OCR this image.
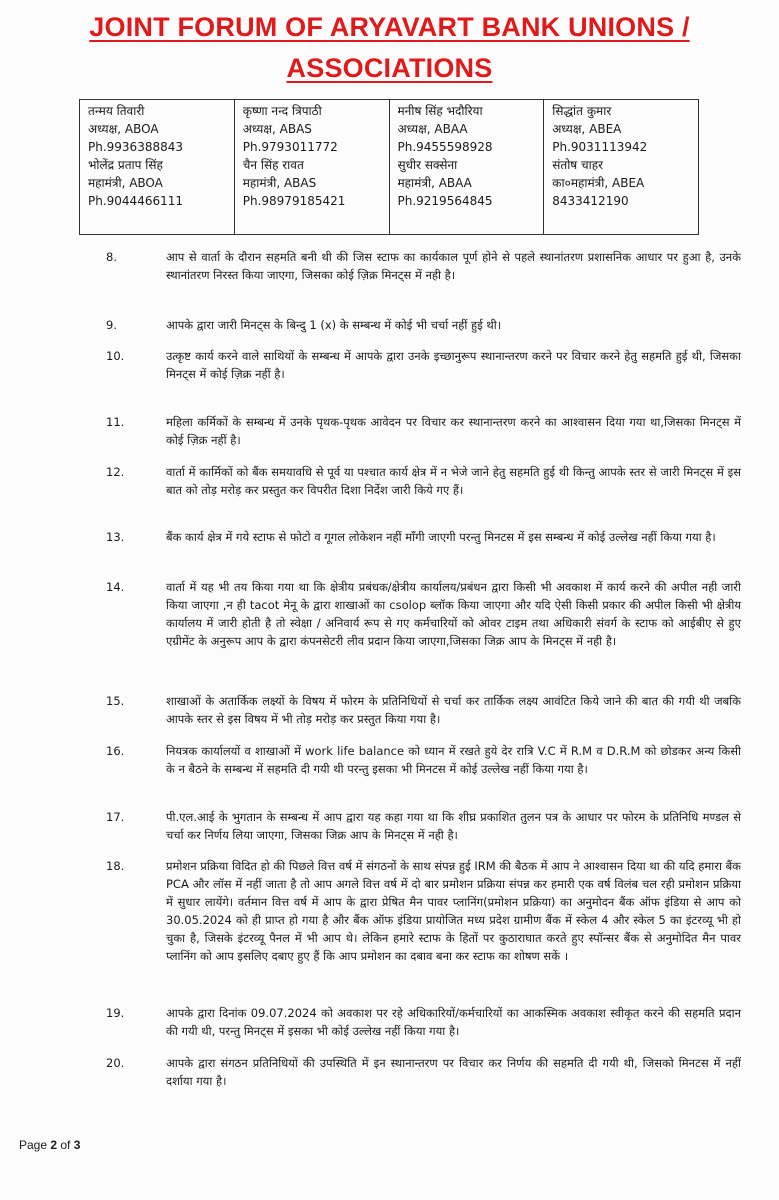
JOINT FORUM OF ARYAVART BANK UNIONS /
ASSOCIATIONS
तन्मय तिवारी
अध्यक्ष, ABOA
Ph.9936388843
भोलेंद्र प्रताप सिंह
महामंत्री, ABOA
Ph.9044466111

कृष्णा नन्द त्रिपाठी
अध्यक्ष, ABAS
Ph.9793011772
चैन सिंह रावत
महामंत्री, ABAS
Ph.98979185421

मनीष सिंह भदौरिया
अध्यक्ष, ABAA
Ph.9455598928
सुधीर सक्सेना
महामंत्री, ABAA
Ph.9219564845

सिद्धांत कुमार
अध्यक्ष, ABEA
Ph.9031113942
संतोष चाहर
का०महामंत्री, ABEA
8433412190
8.	आप से वार्ता के दौरान सहमति बनी थी की जिस स्टाफ का कार्यकाल पूर्ण होने से पहले स्थानांतरण प्रशासनिक आधार पर हुआ है, उनके स्थानांतरण निरस्त किया जाएगा, जिसका कोई ज़िक्र मिनट्स में नही है।
9.	आपके द्वारा जारी मिनट्स के बिन्दु 1 (x) के सम्बन्ध में कोई भी चर्चा नहीं हुई थी।
10.	उत्कृष्ट कार्य करने वाले साथियों के सम्बन्ध में आपके द्वारा उनके इच्छानुरूप स्थानान्तरण करने पर विचार करने हेतु सहमति हुई थी, जिसका मिनट्स में कोई ज़िक्र नहीं है।
11.	महिला कर्मिकों के सम्बन्ध में उनके पृथक-पृथक आवेदन पर विचार कर स्थानान्तरण करने का आश्वासन दिया गया था,जिसका मिनट्स में कोई ज़िक्र नहीं है।
12.	वार्ता में कार्मिकों को बैंक समयावधि से पूर्व या पश्चात कार्य क्षेत्र में न भेजे जाने हेतु सहमति हुई थी किन्तु आपके स्तर से जारी मिनट्स में इस बात को तोड़ मरोड़ कर प्रस्तुत कर विपरीत दिशा निर्देश जारी किये गए हैं।
13.	बैंक कार्य क्षेत्र में गये स्टाफ से फोटो व गूगल लोकेशन नहीं माँगी जाएगी परन्तु मिनटस में इस सम्बन्ध में कोई उल्लेख नहीं किया गया है।
14.	वार्ता में यह भी तय किया गया था कि क्षेत्रीय प्रबंधक/क्षेत्रीय कार्यालय/प्रबंधन द्वारा किसी भी अवकाश में कार्य करने की अपील नही जारी किया जाएगा ,न ही tacot मेनू के द्वारा शाखाओं का csolop ब्लॉक किया जाएगा और यदि ऐसी किसी प्रकार की अपील किसी भी क्षेत्रीय कार्यालय में जारी होती है तो स्वेक्षा / अनिवार्य रूप से गए कर्मचारियों को ओवर टाइम तथा अधिकारी संवर्ग के स्टाफ को आईबीए से हुए एग्रीमेंट के अनुरूप आप के द्वारा कंपनसेटरी लीव प्रदान किया जाएगा,जिसका जिक्र आप के मिनट्स में नही है।
15.	शाखाओं के अतार्किक लक्ष्यों के विषय में फोरम के प्रतिनिधियों से चर्चा कर तार्किक लक्ष्य आवंटित किये जाने की बात की गयी थी जबकि आपके स्तर से इस विषय में भी तोड़ मरोड़ कर प्रस्तुत किया गया है।
16.	नियत्रक कार्यालयों व शाखाओं में work life balance को ध्यान में रखते हुये देर रात्रि V.C में R.M व D.R.M को छोडकर अन्य किसी के न बैठने के सम्बन्ध में सहमति दी गयी थी परन्तु इसका भी मिनटस में कोई उल्लेख नहीं किया गया है।
17.	पी.एल.आई के भुगतान के सम्बन्ध में आप द्वारा यह कहा गया था कि शीघ्र प्रकाशित तुलन पत्र के आधार पर फोरम के प्रतिनिधि मण्डल से चर्चा कर निर्णय लिया जाएगा, जिसका जिक्र आप के मिनट्स में नही है।
18.	प्रमोशन प्रक्रिया विदित हो की पिछले वित्त वर्ष में संगठनों के साथ संपन्न हुई IRM की बैठक में आप ने आश्वासन दिया था की यदि हमारा बैंक PCA और लॉस में नहीं जाता है तो आप अगले वित्त वर्ष में दो बार प्रमोशन प्रक्रिया संपन्न कर हमारी एक वर्ष विलंब चल रही प्रमोशन प्रक्रिया में सुधार लायेंगे। वर्तमान वित्त वर्ष में आप के द्वारा प्रेषित मैन पावर प्लानिंग(प्रमोशन प्रक्रिया) का अनुमोदन बैंक ऑफ इंडिया से आप को 30.05.2024 को ही प्राप्त हो गया है और बैंक ऑफ इंडिया प्रायोजित मध्य प्रदेश ग्रामीण बैंक में स्केल 4 और स्केल 5 का इंटरव्यू भी हो चुका है, जिसके इंटरव्यू पैनल में भी आप थे। लेकिन हमारे स्टाफ के हितों पर कुठाराघात करते हुए स्पॉन्सर बैंक से अनुमोदित मैन पावर प्लानिंग को आप इसलिए दबाए हुए हैं कि आप प्रमोशन का दबाव बना कर स्टाफ का शोषण सकें ।
19.	आपके द्वारा दिनांक 09.07.2024 को अवकाश पर रहे अधिकारियों/कर्मचारियों का आकस्मिक अवकाश स्वीकृत करने की सहमति प्रदान की गयी थी, परन्तु मिनट्स में इसका भी कोई उल्लेख नहीं किया गया है।
20.	आपके द्वारा संगठन प्रतिनिधियों की उपस्थिति में इन स्थानान्तरण पर विचार कर निर्णय की सहमति दी गयी थी, जिसको मिनटस में नहीं दर्शाया गया है।
Page 2 of 3
